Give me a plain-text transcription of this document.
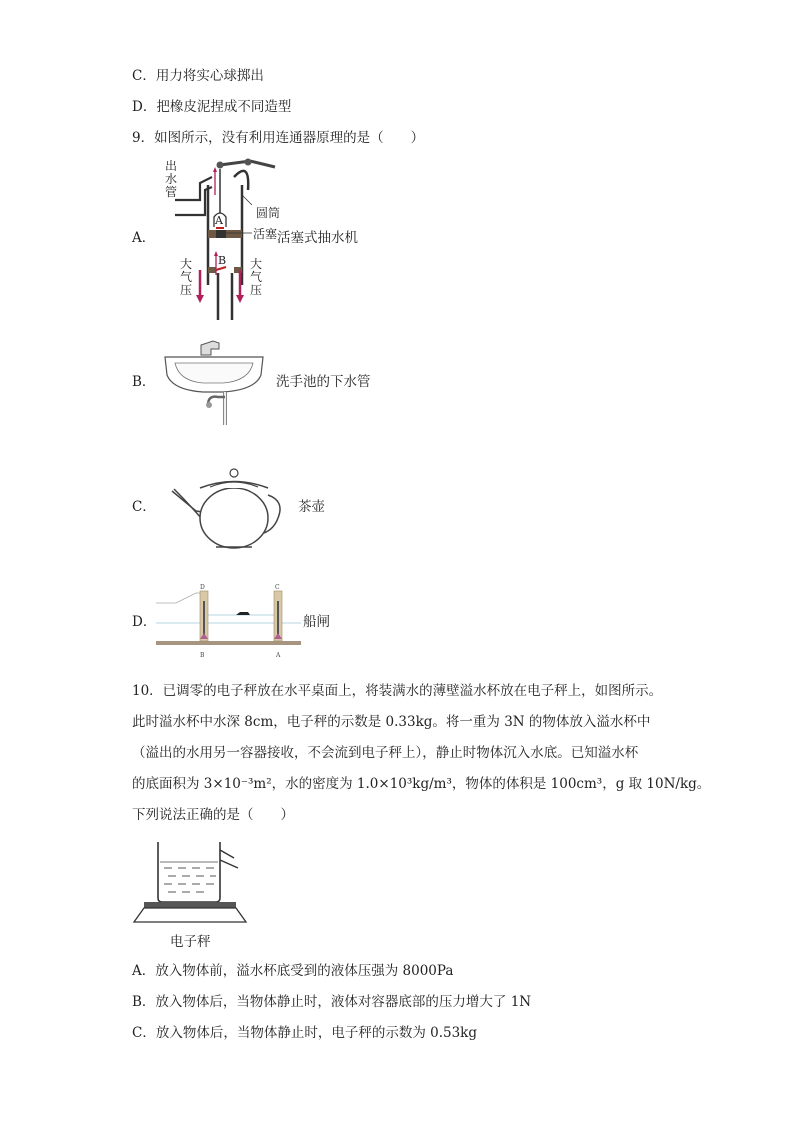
C．用力将实心球掷出
D．把橡皮泥捏成不同造型
9．如图所示，没有利用连通器原理的是（　　）
A．
出
水
管
圆筒
活塞
A
B
大
气
压
大
气
压
活塞式抽水机
B．	洗手池的下水管
C．	茶壶
D．
D	C
B	A
船闸
10．已调零的电子秤放在水平桌面上，将装满水的薄壁溢水杯放在电子秤上，如图所示。
此时溢水杯中水深 8cm，电子秤的示数是 0.33kg。将一重为 3N 的物体放入溢水杯中
（溢出的水用另一容器接收，不会流到电子秤上），静止时物体沉入水底。已知溢水杯
的底面积为 3×10⁻³m²，水的密度为 1.0×10³kg/m³，物体的体积是 100cm³，g 取 10N/kg。
下列说法正确的是（　　）
电子秤
A．放入物体前，溢水杯底受到的液体压强为 8000Pa
B．放入物体后，当物体静止时，液体对容器底部的压力增大了 1N
C．放入物体后，当物体静止时，电子秤的示数为 0.53kg
